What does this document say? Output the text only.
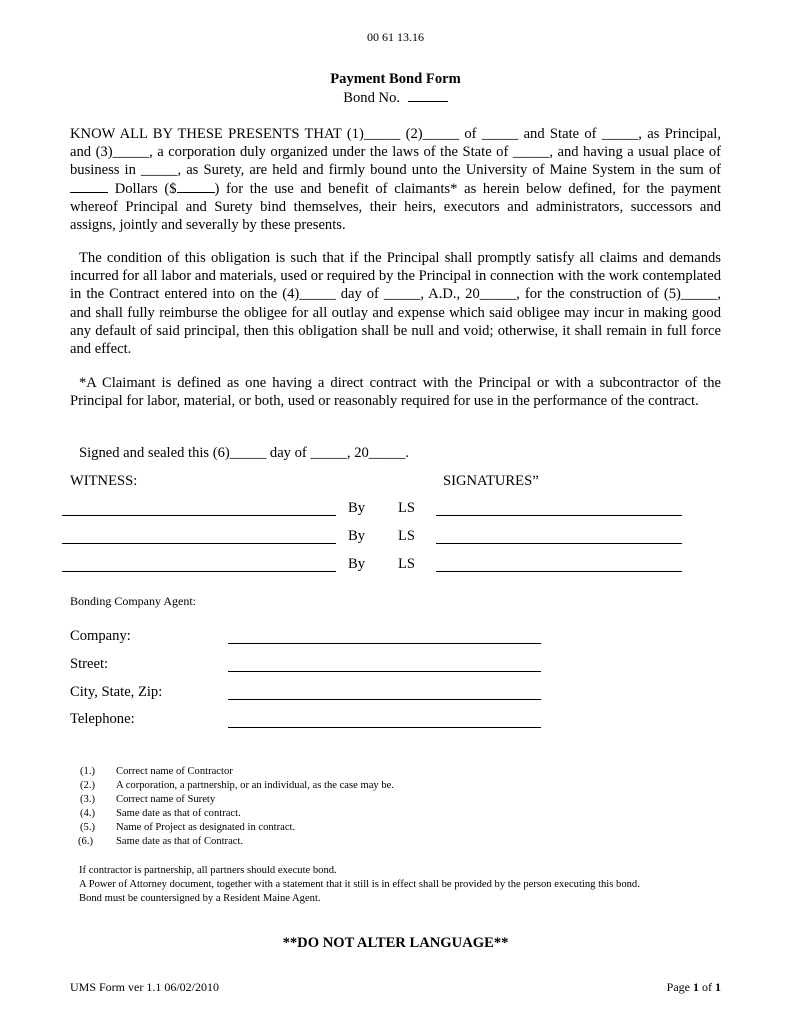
00 61 13.16
Payment Bond Form
Bond No.

KNOW ALL BY THESE PRESENTS THAT (1)_____ (2)_____ of _____ and State of _____, as Principal, and (3)_____, a corporation duly organized under the laws of the State of _____, and having a usual place of business in _____, as Surety, are held and firmly bound unto the University of Maine System in the sum of  Dollars ($	) for the use and benefit of claimants* as herein below defined, for the payment whereof Principal and Surety bind themselves, their heirs, executors and administrators, successors and assigns, jointly and severally by these presents.

The condition of this obligation is such that if the Principal shall promptly satisfy all claims and demands incurred for all labor and materials, used or required by the Principal in connection with the work contemplated in the Contract entered into on the (4)_____ day of _____, A.D., 20_____, for the construction of (5)_____, and shall fully reimburse the obligee for all outlay and expense which said obligee may incur in making good any default of said principal, then this obligation shall be null and void; otherwise, it shall remain in full force and effect.

*A Claimant is defined as one having a direct contract with the Principal or with a subcontractor of the Principal for labor, material, or both, used or reasonably required for use in the performance of the contract.

Signed and sealed this (6)_____ day of _____, 20_____.
WITNESS:	SIGNATURES”
By LS
By LS
By LS
Bonding Company Agent:
Company:
Street:
City, State, Zip:
Telephone:
(1.)	Correct name of Contractor
(2.)	A corporation, a partnership, or an individual, as the case may be.
(3.)	Correct name of Surety
(4.)	Same date as that of contract.
(5.)	Name of Project as designated in contract.
(6.)	Same date as that of Contract.
If contractor is partnership, all partners should execute bond.
A Power of Attorney document, together with a statement that it still is in effect shall be provided by the person executing this bond.
Bond must be countersigned by a Resident Maine Agent.
**DO NOT ALTER LANGUAGE**
UMS Form ver 1.1 06/02/2010	Page 1 of 1
